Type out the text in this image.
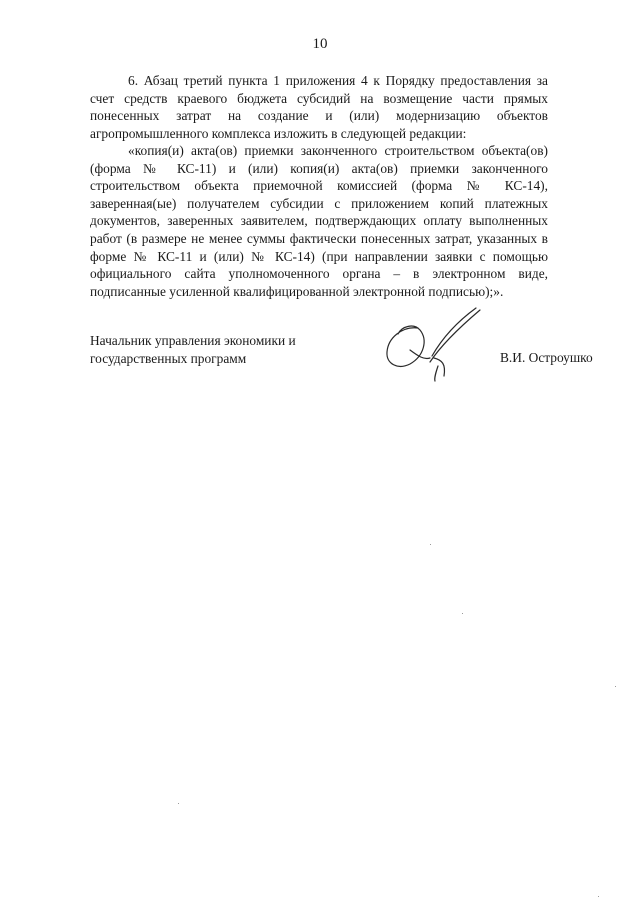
10

6. Абзац третий пункта 1 приложения 4 к Порядку предоставления за счет средств краевого бюджета субсидий на возмещение части прямых понесенных затрат на создание и (или) модернизацию объектов агропромышленного комплекса изложить в следующей редакции:

«копия(и) акта(ов) приемки законченного строительством объекта(ов) (форма № КС-11) и (или) копия(и) акта(ов) приемки законченного строительством объекта приемочной комиссией (форма № КС-14), заверенная(ые) получателем субсидии с приложением копий платежных документов, заверенных заявителем, подтверждающих оплату выполненных работ (в размере не менее суммы фактически понесенных затрат, указанных в форме № КС-11 и (или) № КС-14) (при направлении заявки с помощью официального сайта уполномоченного органа – в электронном виде, подписанные усиленной квалифицированной электронной подписью);».

Начальник управления экономики и
государственных программ	В.И. Остроушко
